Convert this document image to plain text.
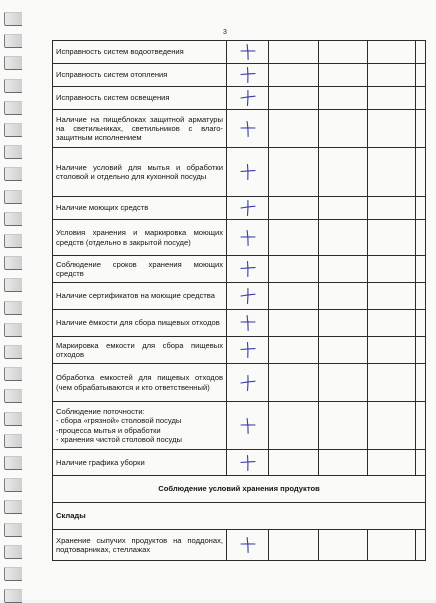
3
Исправность систем водоотведения	

Исправность систем отопления	

Исправность систем освещения	

Наличие на пищеблоках защитной арматуры на светильниках, светильников с влаго-защитным исполнением	

Наличие условий для мытья и обработки столовой и отдельно для кухонной посуды	

Наличие моющих средств	

Условия хранения и маркировка моющих средств (отдельно в закрытой посуде)	

Соблюдение сроков хранения моющих средств	

Наличие сертификатов на моющие средства	

Наличие ёмкости для сбора пищевых отходов	

Маркировка емкости для сбора пищевых отходов	

Обработка емкостей для пищевых отходов (чем обрабатываются и кто ответственный)	

Соблюдение поточности:
- сбора «грязной» столовой посуды
-процесса мытья и обработки
- хранения чистой столовой посуды	

Наличие графика уборки	

Соблюдение условий хранения продуктов					
Склады					
Хранение сыпучих продуктов на поддонах, подтоварниках, стеллажах	
